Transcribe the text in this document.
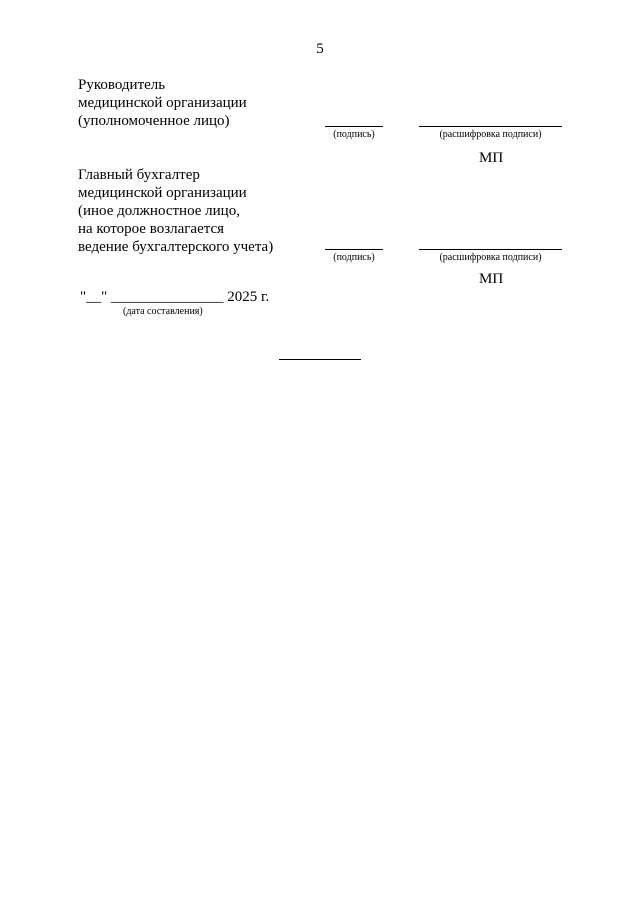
5
Руководитель
медицинской организации
(уполномоченное лицо)
(подпись)	(расшифровка подписи)
МП
Главный бухгалтер
медицинской организации
(иное должностное лицо,
на которое возлагается
ведение бухгалтерского учета)
(подпись)	(расшифровка подписи)
МП
"__" _______________ 2025 г.
(дата составления)
